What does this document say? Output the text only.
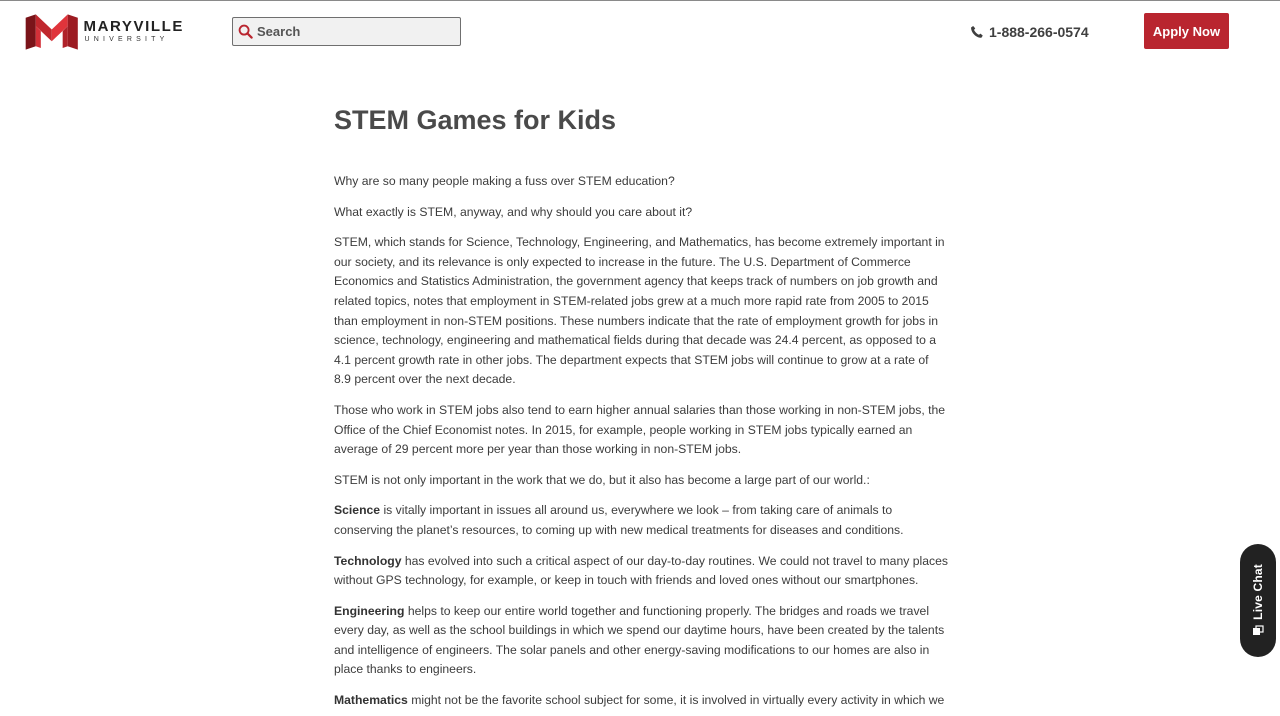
MARYVILLE
UNIVERSITY
Search	1-888-266-0574	Apply Now
STEM Games for Kids

Why are so many people making a fuss over STEM education?

What exactly is STEM, anyway, and why should you care about it?

STEM, which stands for Science, Technology, Engineering, and Mathematics, has become extremely important in our society, and its relevance is only expected to increase in the future. The U.S. Department of Commerce Economics and Statistics Administration, the government agency that keeps track of numbers on job growth and related topics, notes that employment in STEM-related jobs grew at a much more rapid rate from 2005 to 2015 than employment in non-STEM positions. These numbers indicate that the rate of employment growth for jobs in science, technology, engineering and mathematical fields during that decade was 24.4 percent, as opposed to a 4.1 percent growth rate in other jobs. The department expects that STEM jobs will continue to grow at a rate of 8.9 percent over the next decade.

Those who work in STEM jobs also tend to earn higher annual salaries than those working in non-STEM jobs, the Office of the Chief Economist notes. In 2015, for example, people working in STEM jobs typically earned an average of 29 percent more per year than those working in non-STEM jobs.

STEM is not only important in the work that we do, but it also has become a large part of our world.:

Science is vitally important in issues all around us, everywhere we look – from taking care of animals to conserving the planet’s resources, to coming up with new medical treatments for diseases and conditions.

Technology has evolved into such a critical aspect of our day-to-day routines. We could not travel to many places without GPS technology, for example, or keep in touch with friends and loved ones without our smartphones.

Engineering helps to keep our entire world together and functioning properly. The bridges and roads we travel every day, as well as the school buildings in which we spend our daytime hours, have been created by the talents and intelligence of engineers. The solar panels and other energy-saving modifications to our homes are also in place thanks to engineers.

Mathematics might not be the favorite school subject for some, it is involved in virtually every activity in which we

Live Chat
